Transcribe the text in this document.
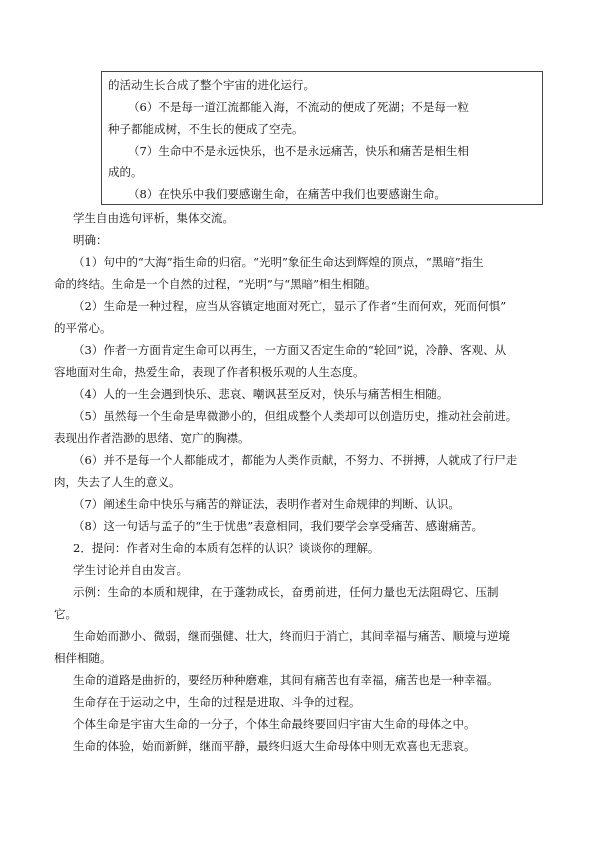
的活动生长合成了整个宇宙的进化运行。
（6）不是每一道江流都能入海，不流动的便成了死湖；不是每一粒
种子都能成树，不生长的便成了空壳。
（7）生命中不是永远快乐，也不是永远痛苦，快乐和痛苦是相生相
成的。
（8）在快乐中我们要感谢生命，在痛苦中我们也要感谢生命。
学生自由选句评析，集体交流。
明确：
（1）句中的“大海”指生命的归宿。“光明”象征生命达到辉煌的顶点，“黑暗”指生
命的终结。生命是一个自然的过程，“光明”与“黑暗”相生相随。
（2）生命是一种过程，应当从容镇定地面对死亡，显示了作者“生而何欢，死而何惧”
的平常心。
（3）作者一方面肯定生命可以再生，一方面又否定生命的“轮回”说，冷静、客观、从
容地面对生命，热爱生命，表现了作者积极乐观的人生态度。
（4）人的一生会遇到快乐、悲哀、嘲讽甚至反对，快乐与痛苦相生相随。
（5）虽然每一个生命是卑微渺小的，但组成整个人类却可以创造历史，推动社会前进。
表现出作者浩渺的思绪、宽广的胸襟。
（6）并不是每一个人都能成才，都能为人类作贡献，不努力、不拼搏，人就成了行尸走
肉，失去了人生的意义。
（7）阐述生命中快乐与痛苦的辩证法，表明作者对生命规律的判断、认识。
（8）这一句话与孟子的“生于忧患”表意相同，我们要学会享受痛苦、感谢痛苦。
2．提问：作者对生命的本质有怎样的认识？谈谈你的理解。
学生讨论并自由发言。
示例：生命的本质和规律，在于蓬勃成长，奋勇前进，任何力量也无法阻碍它、压制
它。
生命始而渺小、微弱，继而强健、壮大，终而归于消亡，其间幸福与痛苦、顺境与逆境
相伴相随。
生命的道路是曲折的，要经历种种磨难，其间有痛苦也有幸福，痛苦也是一种幸福。
生命存在于运动之中，生命的过程是进取、斗争的过程。
个体生命是宇宙大生命的一分子，个体生命最终要回归宇宙大生命的母体之中。
生命的体验，始而新鲜，继而平静，最终归返大生命母体中则无欢喜也无悲哀。
